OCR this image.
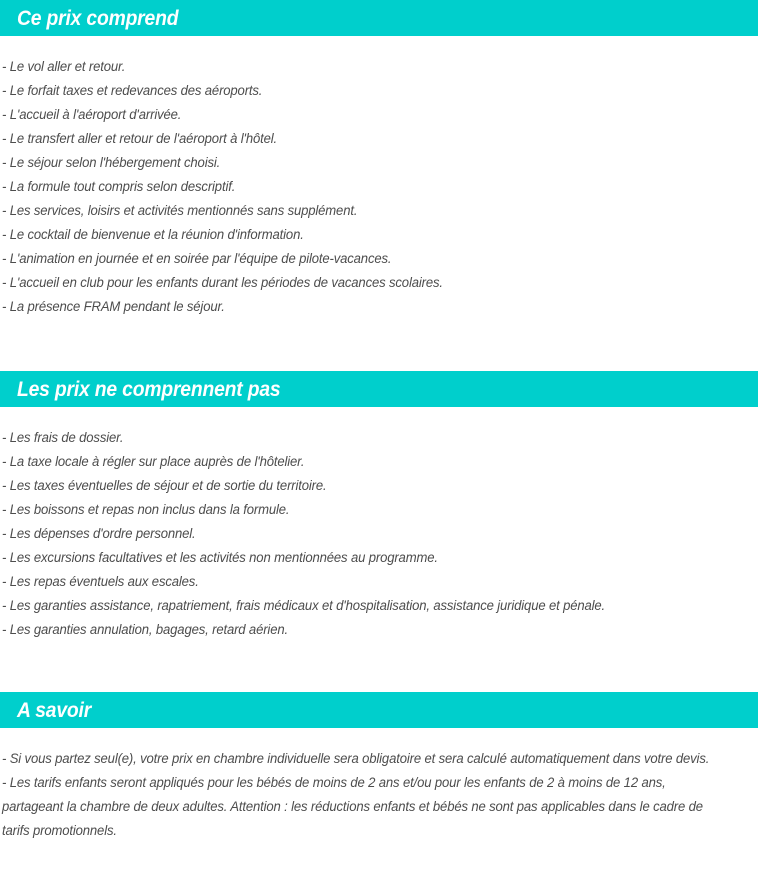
Ce prix comprend
- Le vol aller et retour.
- Le forfait taxes et redevances des aéroports.
- L'accueil à l'aéroport d'arrivée.
- Le transfert aller et retour de l'aéroport à l'hôtel.
- Le séjour selon l'hébergement choisi.
- La formule tout compris selon descriptif.
- Les services, loisirs et activités mentionnés sans supplément.
- Le cocktail de bienvenue et la réunion d'information.
- L'animation en journée et en soirée par l'équipe de pilote-vacances.
- L'accueil en club pour les enfants durant les périodes de vacances scolaires.
- La présence FRAM pendant le séjour.
Les prix ne comprennent pas
- Les frais de dossier.
- La taxe locale à régler sur place auprès de l'hôtelier.
- Les taxes éventuelles de séjour et de sortie du territoire.
- Les boissons et repas non inclus dans la formule.
- Les dépenses d'ordre personnel.
- Les excursions facultatives et les activités non mentionnées au programme.
- Les repas éventuels aux escales.
- Les garanties assistance, rapatriement, frais médicaux et d'hospitalisation, assistance juridique et pénale.
- Les garanties annulation, bagages, retard aérien.
A savoir
- Si vous partez seul(e), votre prix en chambre individuelle sera obligatoire et sera calculé automatiquement dans votre devis.
- Les tarifs enfants seront appliqués pour les bébés de moins de 2 ans et/ou pour les enfants de 2 à moins de 12 ans, partageant la chambre de deux adultes. Attention : les réductions enfants et bébés ne sont pas applicables dans le cadre de tarifs promotionnels.
